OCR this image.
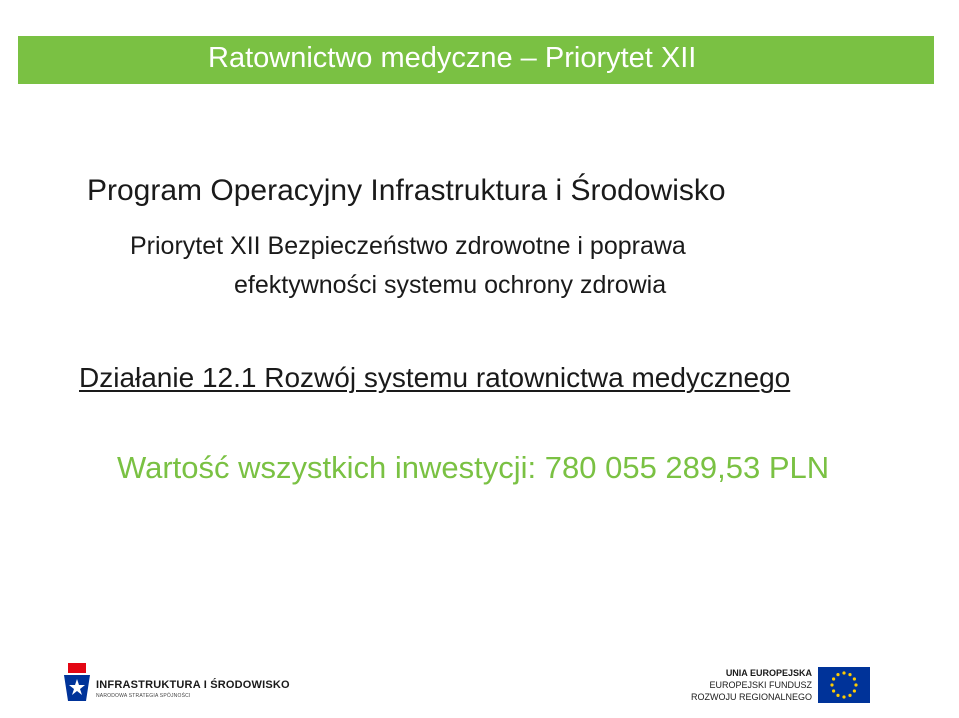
Ratownictwo medyczne – Priorytet XII
Program Operacyjny Infrastruktura i Środowisko
Priorytet XII Bezpieczeństwo zdrowotne i poprawa
efektywności systemu ochrony zdrowia
Działanie 12.1 Rozwój systemu ratownictwa medycznego
Wartość wszystkich inwestycji: 780 055 289,53 PLN
INFRASTRUKTURA I ŚRODOWISKO
NARODOWA STRATEGIA SPÓJNOŚCI
UNIA EUROPEJSKA
EUROPEJSKI FUNDUSZ
ROZWOJU REGIONALNEGO
